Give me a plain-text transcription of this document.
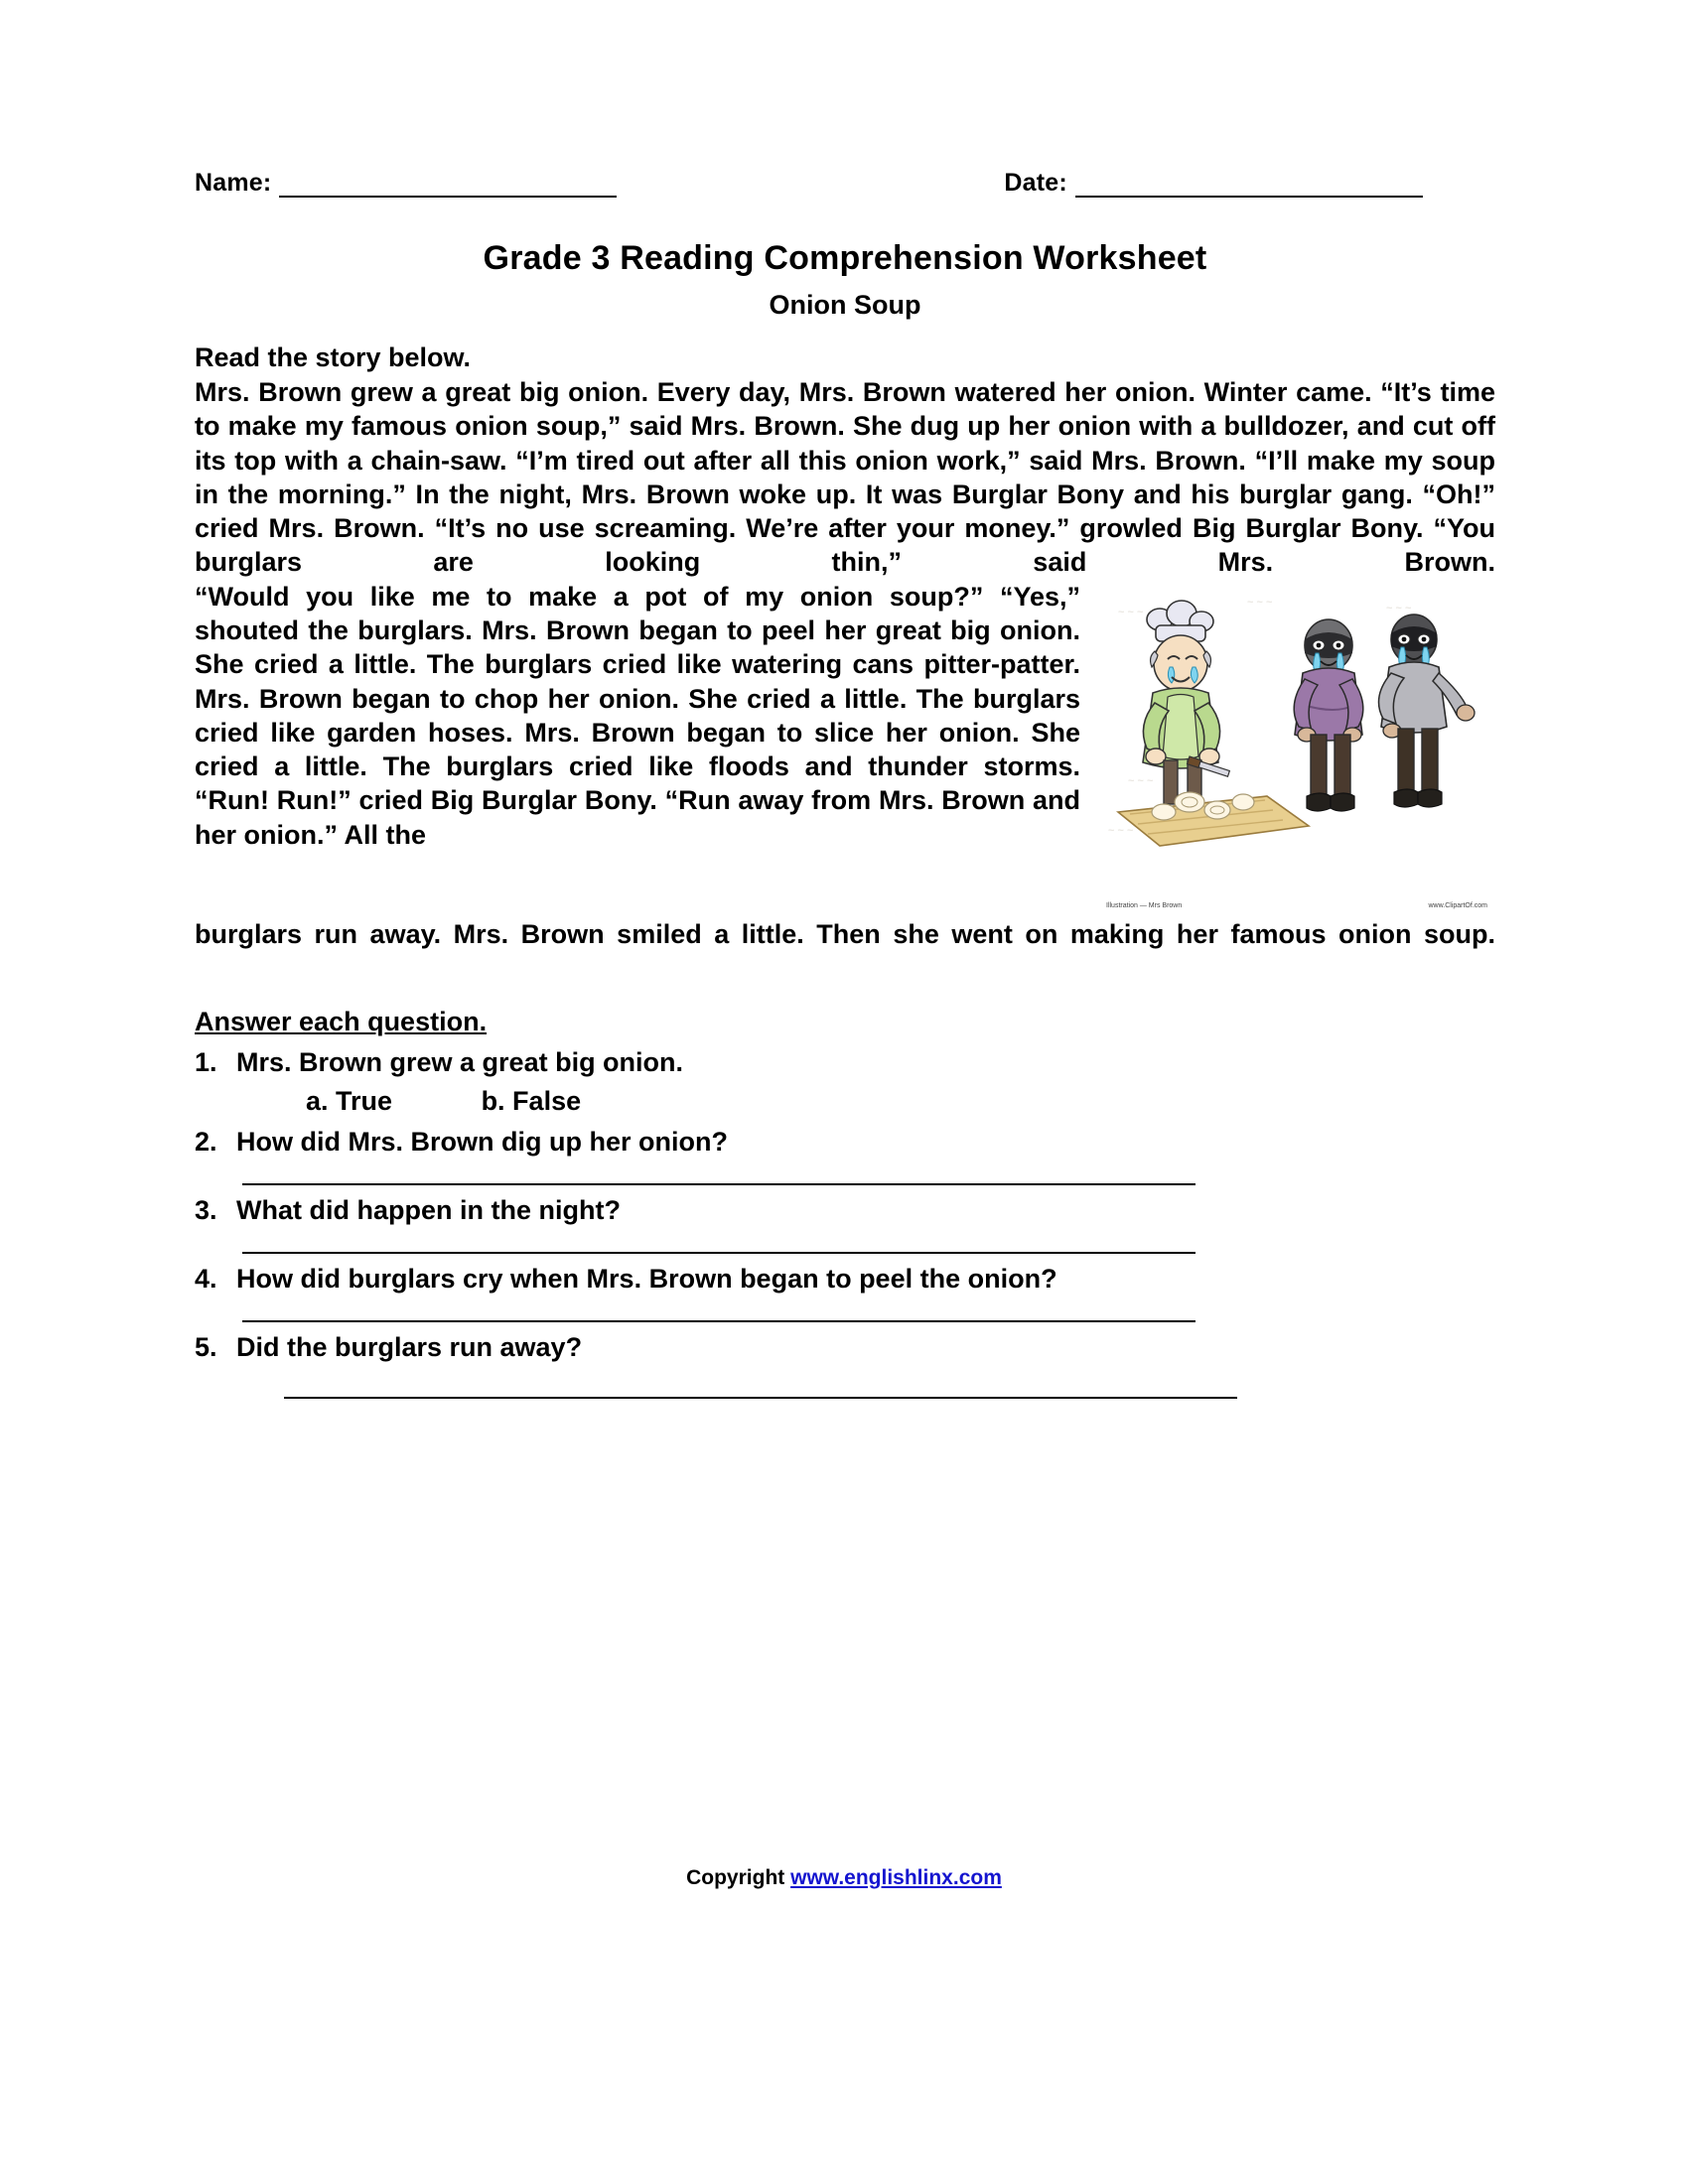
Name:	Date:
Grade 3 Reading Comprehension Worksheet
Onion Soup
Read the story below.

Mrs. Brown grew a great big onion. Every day, Mrs. Brown watered her onion. Winter came. “It’s time to make my famous onion soup,” said Mrs. Brown. She dug up her onion with a bulldozer, and cut off its top with a chain-saw. “I’m tired out after all this onion work,” said Mrs. Brown. “I’ll make my soup in the morning.” In the night, Mrs. Brown woke up. It was Burglar Bony and his burglar gang. “Oh!” cried Mrs. Brown. “It’s no use screaming. We’re after your money.” growled Big Burglar Bony. “You burglars are looking thin,” said Mrs. Brown.

~ ~ ~
~ ~ ~	~ ~ ~
~ ~ ~
~ ~ ~
Illustration — Mrs Brown	www.ClipartOf.com

“Would you like me to make a pot of my onion soup?” “Yes,” shouted the burglars. Mrs. Brown began to peel her great big onion. She cried a little. The burglars cried like watering cans pitter-patter. Mrs. Brown began to chop her onion. She cried a little. The burglars cried like garden hoses. Mrs. Brown began to slice her onion. She cried a little. The burglars cried like floods and thunder storms. “Run! Run!” cried Big Burglar Bony. “Run away from Mrs. Brown and her onion.” All the

burglars run away. Mrs. Brown smiled a little. Then she went on making her famous onion soup.

Answer each question.
1. Mrs. Brown grew a great big onion.
a. True	b. False
2. How did Mrs. Brown dig up her onion?
3. What did happen in the night?
4. How did burglars cry when Mrs. Brown began to peel the onion?
5. Did the burglars run away?
Copyright www.englishlinx.com
